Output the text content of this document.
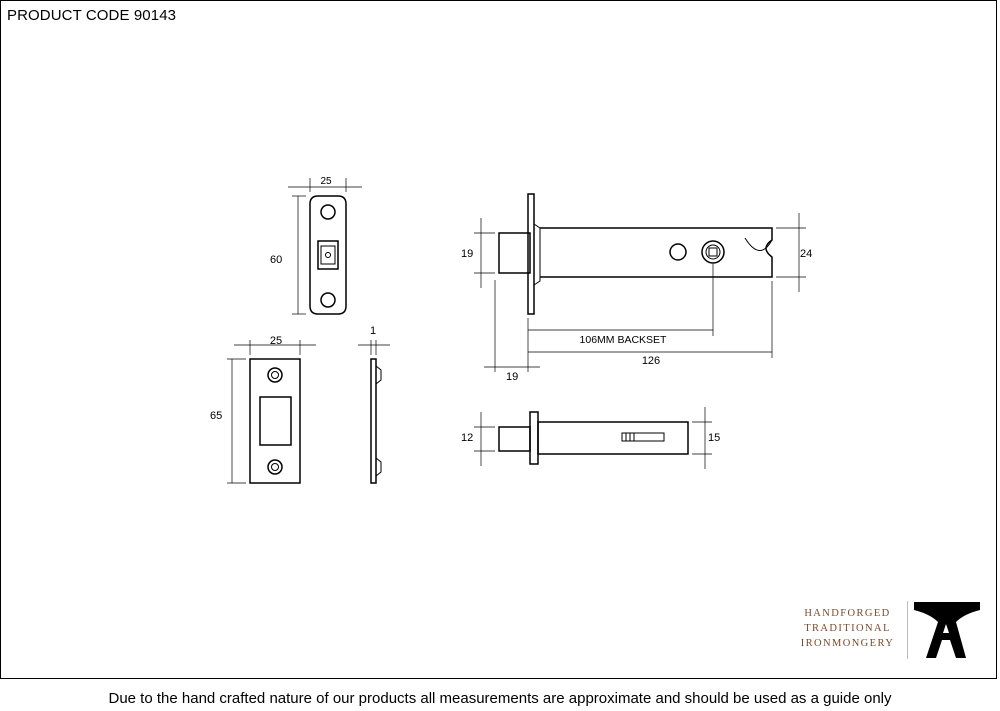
PRODUCT CODE 90143
25
60
25
65
1
19	24
106MM BACKSET
126
19
12	15
HANDFORGED
TRADITIONAL
IRONMONGERY
Due to the hand crafted nature of our products all measurements are approximate and should be used as a guide only
